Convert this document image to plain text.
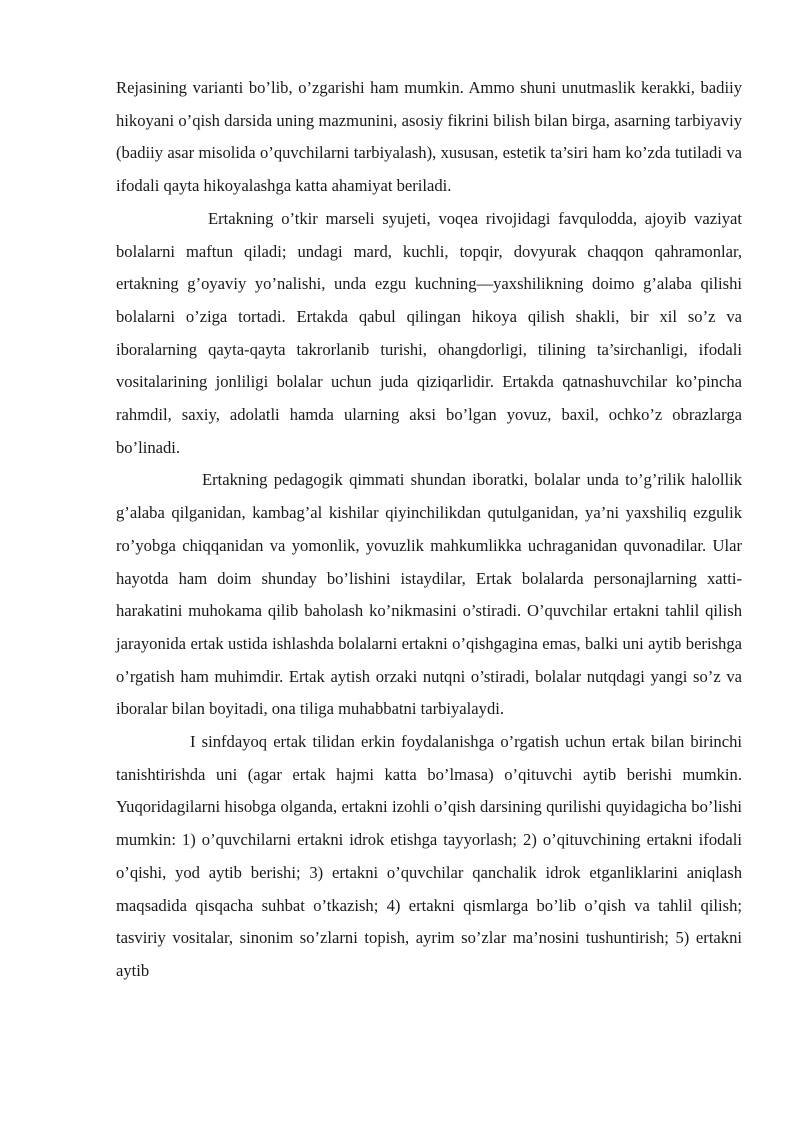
Rejasining varianti bo’lib, o’zgarishi ham mumkin. Ammo shuni unutmaslik kerakki, badiiy hikoyani o’qish darsida uning mazmunini, asosiy fikrini bilish bilan birga, asarning tarbiyaviy (badiiy asar misolida o’quvchilarni tarbiyalash), xususan, estetik ta’siri ham ko’zda tutiladi va ifodali qayta hikoyalashga katta ahamiyat beriladi.

Ertakning o’tkir marseli syujeti, voqea rivojidagi favqulodda, ajoyib vaziyat bolalarni maftun qiladi; undagi mard, kuchli, topqir, dovyurak chaqqon qahramonlar, ertakning g’oyaviy yo’nalishi, unda ezgu kuchning—yaxshilikning doimo g’alaba qilishi bolalarni o’ziga tortadi. Ertakda qabul qilingan hikoya qilish shakli, bir xil so’z va iboralarning qayta-qayta takrorlanib turishi, ohangdorligi, tilining ta’sirchanligi, ifodali vositalarining jonliligi bolalar uchun juda qiziqarlidir. Ertakda qatnashuvchilar ko’pincha rahmdil, saxiy, adolatli hamda ularning aksi bo’lgan yovuz, baxil, ochko’z obrazlarga bo’linadi.

Ertakning pedagogik qimmati shundan iboratki, bolalar unda to’g’rilik halollik g’alaba qilganidan, kambag’al kishilar qiyinchilikdan qutulganidan, ya’ni yaxshiliq ezgulik ro’yobga chiqqanidan va yomonlik, yovuzlik mahkumlikka uchraganidan quvonadilar. Ular hayotda ham doim shunday bo’lishini istaydilar, Ertak bolalarda personajlarning xatti-harakatini muhokama qilib baholash ko’nikmasini o’stiradi. O’quvchilar ertakni tahlil qilish jarayonida ertak ustida ishlashda bolalarni ertakni o’qishgagina emas, balki uni aytib berishga o’rgatish ham muhimdir. Ertak aytish orzaki nutqni o’stiradi, bolalar nutqdagi yangi so’z va iboralar bilan boyitadi, ona tiliga muhabbatni tarbiyalaydi.

I sinfdayoq ertak tilidan erkin foydalanishga o’rgatish uchun ertak bilan birinchi tanishtirishda uni (agar ertak hajmi katta bo’lmasa) o’qituvchi aytib berishi mumkin. Yuqoridagilarni hisobga olganda, ertakni izohli o’qish darsining qurilishi quyidagicha bo’lishi mumkin: 1) o’quvchilarni ertakni idrok etishga tayyorlash; 2) o’qituvchining ertakni ifodali o’qishi, yod aytib berishi; 3) ertakni o’quvchilar qanchalik idrok etganliklarini aniqlash maqsadida qisqacha suhbat o’tkazish; 4) ertakni qismlarga bo’lib o’qish va tahlil qilish; tasviriy vositalar, sinonim so’zlarni topish, ayrim so’zlar ma’nosini tushuntirish; 5) ertakni aytib
